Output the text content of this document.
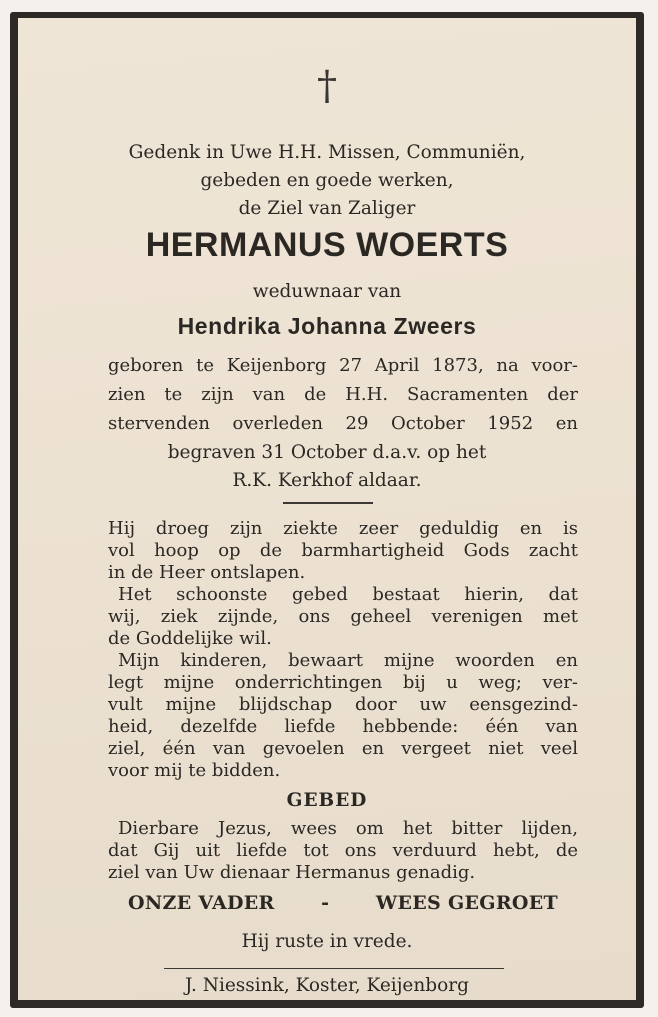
†
Gedenk in Uwe H.H. Missen, Communiën,
gebeden en goede werken,
de Ziel van Zaliger
HERMANUS WOERTS
weduwnaar van
Hendrika Johanna Zweers
geboren te Keijenborg 27 April 1873, na voor-
zien te zijn van de H.H. Sacramenten der
stervenden overleden 29 October 1952 en
begraven 31 October d.a.v. op het
R.K. Kerkhof aldaar.
Hij droeg zijn ziekte zeer geduldig en is
vol hoop op de barmhartigheid Gods zacht
in de Heer ontslapen.
Het schoonste gebed bestaat hierin, dat
wij, ziek zijnde, ons geheel verenigen met
de Goddelijke wil.
Mijn kinderen, bewaart mijne woorden en
legt mijne onderrichtingen bij u weg; ver-
vult mijne blijdschap door uw eensgezind-
heid, dezelfde liefde hebbende: één van
ziel, één van gevoelen en vergeet niet veel
voor mij te bidden.
GEBED
Dierbare Jezus, wees om het bitter lijden,
dat Gij uit liefde tot ons verduurd hebt, de
ziel van Uw dienaar Hermanus genadig.
ONZE VADER - WEES GEGROET
Hij ruste in vrede.
J. Niessink, Koster, Keijenborg
